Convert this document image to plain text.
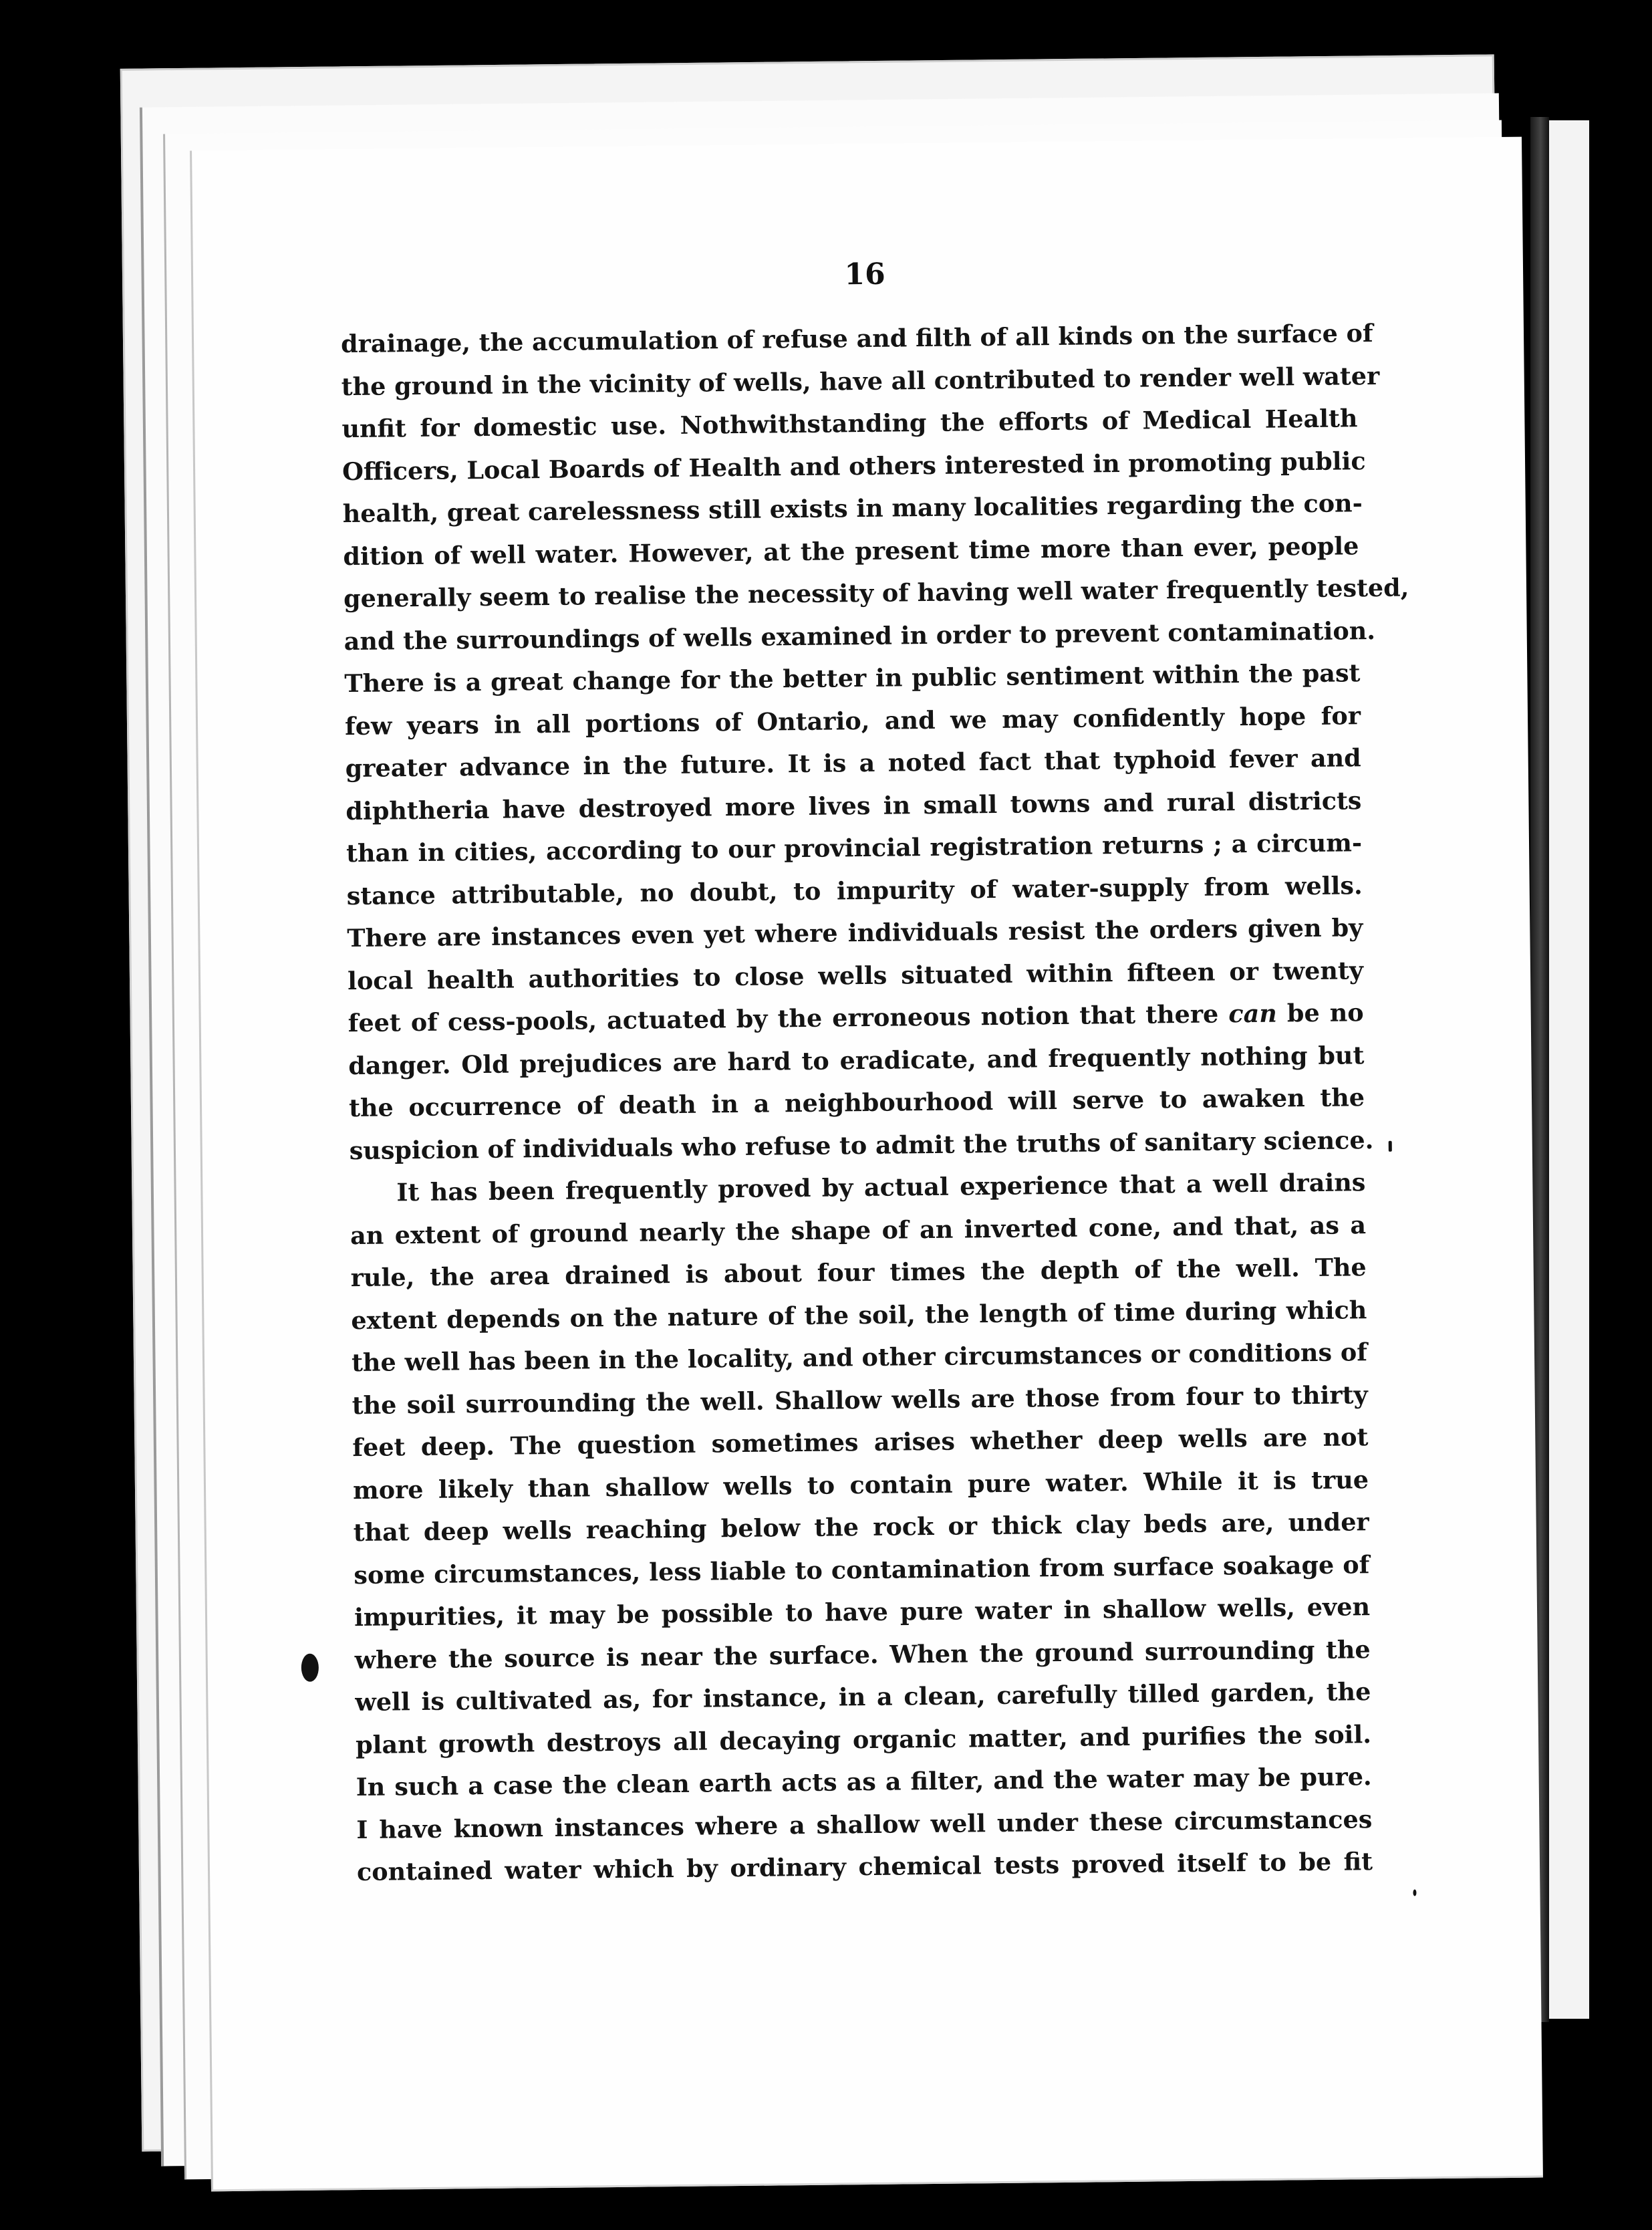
16
drainage, the accumulation of refuse and filth of all kinds on the surface of
the ground in the vicinity of wells, have all contributed to render well water
unfit for domestic use. Nothwithstanding the efforts of Medical Health
Officers, Local Boards of Health and others interested in promoting public
health, great carelessness still exists in many localities regarding the con-
dition of well water. However, at the present time more than ever, people
generally seem to realise the necessity of having well water frequently tested,
and the surroundings of wells examined in order to prevent contamination.
There is a great change for the better in public sentiment within the past
few years in all portions of Ontario, and we may confidently hope for
greater advance in the future. It is a noted fact that typhoid fever and
diphtheria have destroyed more lives in small towns and rural districts
than in cities, according to our provincial registration returns ; a circum-
stance attributable, no doubt, to impurity of water-supply from wells.
There are instances even yet where individuals resist the orders given by
local health authorities to close wells situated within fifteen or twenty
feet of cess-pools, actuated by the erroneous notion that there can be no
danger. Old prejudices are hard to eradicate, and frequently nothing but
the occurrence of death in a neighbourhood will serve to awaken the
suspicion of individuals who refuse to admit the truths of sanitary science.
It has been frequently proved by actual experience that a well drains
an extent of ground nearly the shape of an inverted cone, and that, as a
rule, the area drained is about four times the depth of the well. The
extent depends on the nature of the soil, the length of time during which
the well has been in the locality, and other circumstances or conditions of
the soil surrounding the well. Shallow wells are those from four to thirty
feet deep. The question sometimes arises whether deep wells are not
more likely than shallow wells to contain pure water. While it is true
that deep wells reaching below the rock or thick clay beds are, under
some circumstances, less liable to contamination from surface soakage of
impurities, it may be possible to have pure water in shallow wells, even
where the source is near the surface. When the ground surrounding the
well is cultivated as, for instance, in a clean, carefully tilled garden, the
plant growth destroys all decaying organic matter, and purifies the soil.
In such a case the clean earth acts as a filter, and the water may be pure.
I have known instances where a shallow well under these circumstances
contained water which by ordinary chemical tests proved itself to be fit
